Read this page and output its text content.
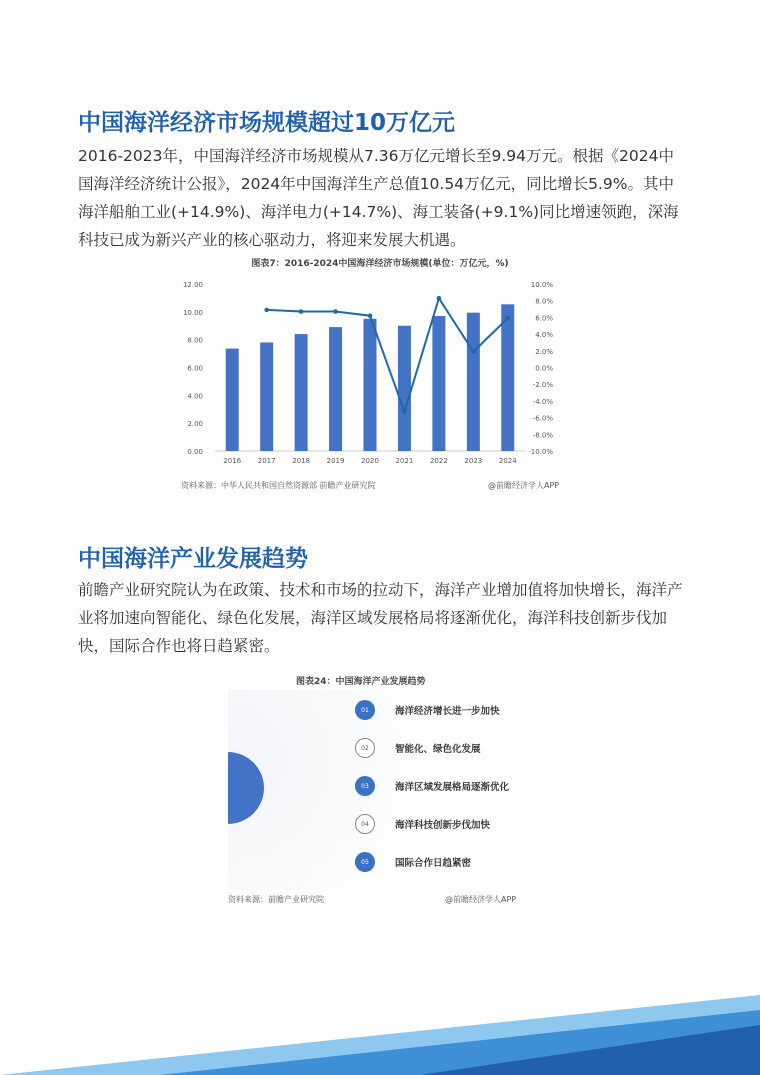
中国海洋经济市场规模超过10万亿元
2016-2023年，中国海洋经济市场规模从7.36万亿元增长至9.94万元。根据《2024中国海洋经济统计公报》，2024年中国海洋生产总值10.54万亿元，同比增长5.9%。其中海洋船舶工业(+14.9%)、海洋电力(+14.7%)、海工装备(+9.1%)同比增速领跑，深海科技已成为新兴产业的核心驱动力，将迎来发展大机遇。
图表7：2016-2024中国海洋经济市场规模(单位：万亿元，%)
0.00
2.00
4.00
6.00
8.00
10.00
12.00
-10.0%
-8.0%
-6.0%
-4.0%
-2.0%
0.0%
2.0%
4.0%
6.0%
8.0%
10.0%
2016 2017 2018 2019 2020 2021 2022 2023 2024
资料来源：中华人民共和国自然资源部 前瞻产业研究院	@前瞻经济学人APP
中国海洋产业发展趋势
前瞻产业研究院认为在政策、技术和市场的拉动下，海洋产业增加值将加快增长，海洋产业将加速向智能化、绿色化发展，海洋区域发展格局将逐渐优化，海洋科技创新步伐加快，国际合作也将日趋紧密。
图表24：中国海洋产业发展趋势
01	海洋经济增长进一步加快
02	智能化、绿色化发展
03	海洋区域发展格局逐渐优化
04	海洋科技创新步伐加快
05	国际合作日趋紧密
资料来源：前瞻产业研究院	@前瞻经济学人APP
